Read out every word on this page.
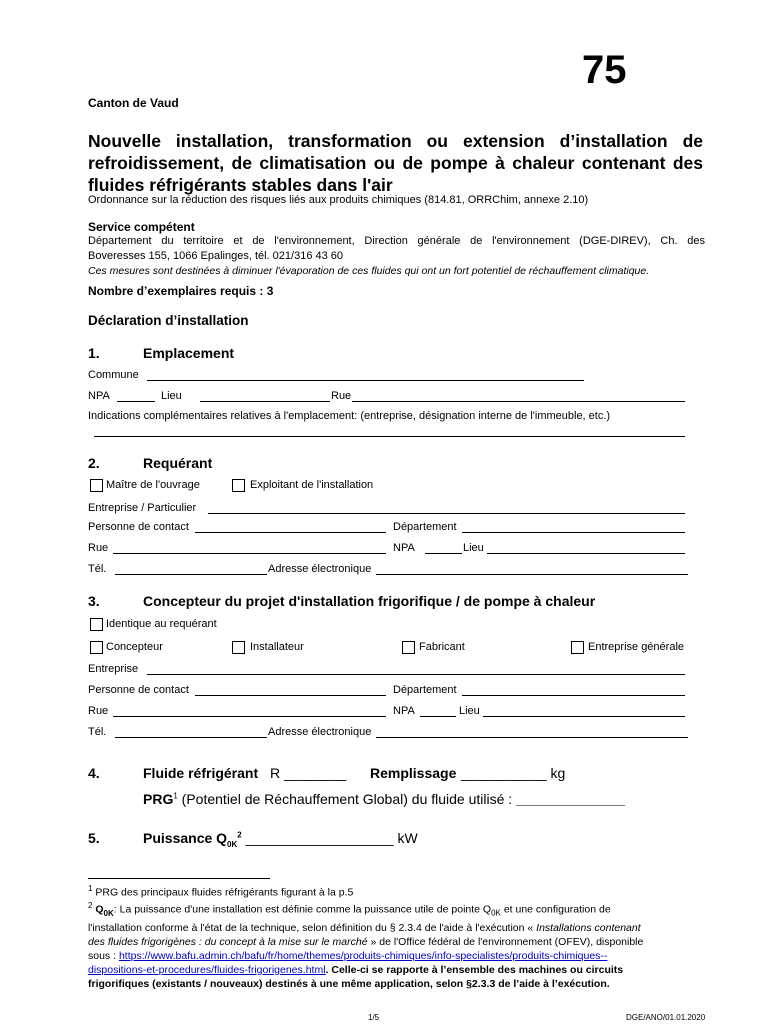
75
Canton de Vaud
Nouvelle installation, transformation ou extension d’installation de
refroidissement, de climatisation ou de pompe à chaleur contenant des
fluides réfrigérants stables dans l'air
Ordonnance sur la réduction des risques liés aux produits chimiques (814.81, ORRChim, annexe 2.10)
Service compétent
Département du territoire et de l'environnement, Direction générale de l'environnement (DGE-DIREV), Ch. des
Boveresses 155, 1066 Epalinges, tél. 021/316 43 60
Ces mesures sont destinées à diminuer l'évaporation de ces fluides qui ont un fort potentiel de réchauffement climatique.
Nombre d’exemplaires requis : 3
Déclaration d’installation
1.	Emplacement
Commune
NPA	Lieu	Rue
Indications complémentaires relatives à l'emplacement: (entreprise, désignation interne de l'immeuble, etc.)
2.	Requérant
Maître de l'ouvrage	Exploitant de l'installation
Entreprise / Particulier
Personne de contact	Département
Rue	NPA	Lieu
Tél.	Adresse électronique
3.	Concepteur du projet d'installation frigorifique / de pompe à chaleur
Identique au requérant
Concepteur	Installateur	Fabricant	Entreprise générale
Entreprise
Personne de contact	Département
Rue	NPA	Lieu
Tél.	Adresse électronique
4.	Fluide réfrigérant R ________ Remplissage ___________ kg
PRG$^1$ (Potentiel de Réchauffement Global) du fluide utilisé : ______________
5.	Puissance $Q_{0K}^2$ ___________________ kW
$^1$ PRG des principaux fluides réfrigérants figurant à la p.5
$^2$ $Q_{0K}$: La puissance d'une installation est définie comme la puissance utile de pointe $Q_{0K}$ et une configuration de
l'installation conforme à l'état de la technique, selon définition du § 2.3.4 de l'aide à l'exécution « Installations contenant
des fluides frigorigènes : du concept à la mise sur le marché » de l'Office fédéral de l'environnement (OFEV), disponible
sous : https://www.bafu.admin.ch/bafu/fr/home/themes/produits-chimiques/info-specialistes/produits-chimiques--
dispositions-et-procedures/fluides-frigorigenes.html. Celle-ci se rapporte à l’ensemble des machines ou circuits
frigorifiques (existants / nouveaux) destinés à une même application, selon §2.3.3 de l’aide à l’exécution.
1/5	DGE/ANO/01.01.2020
